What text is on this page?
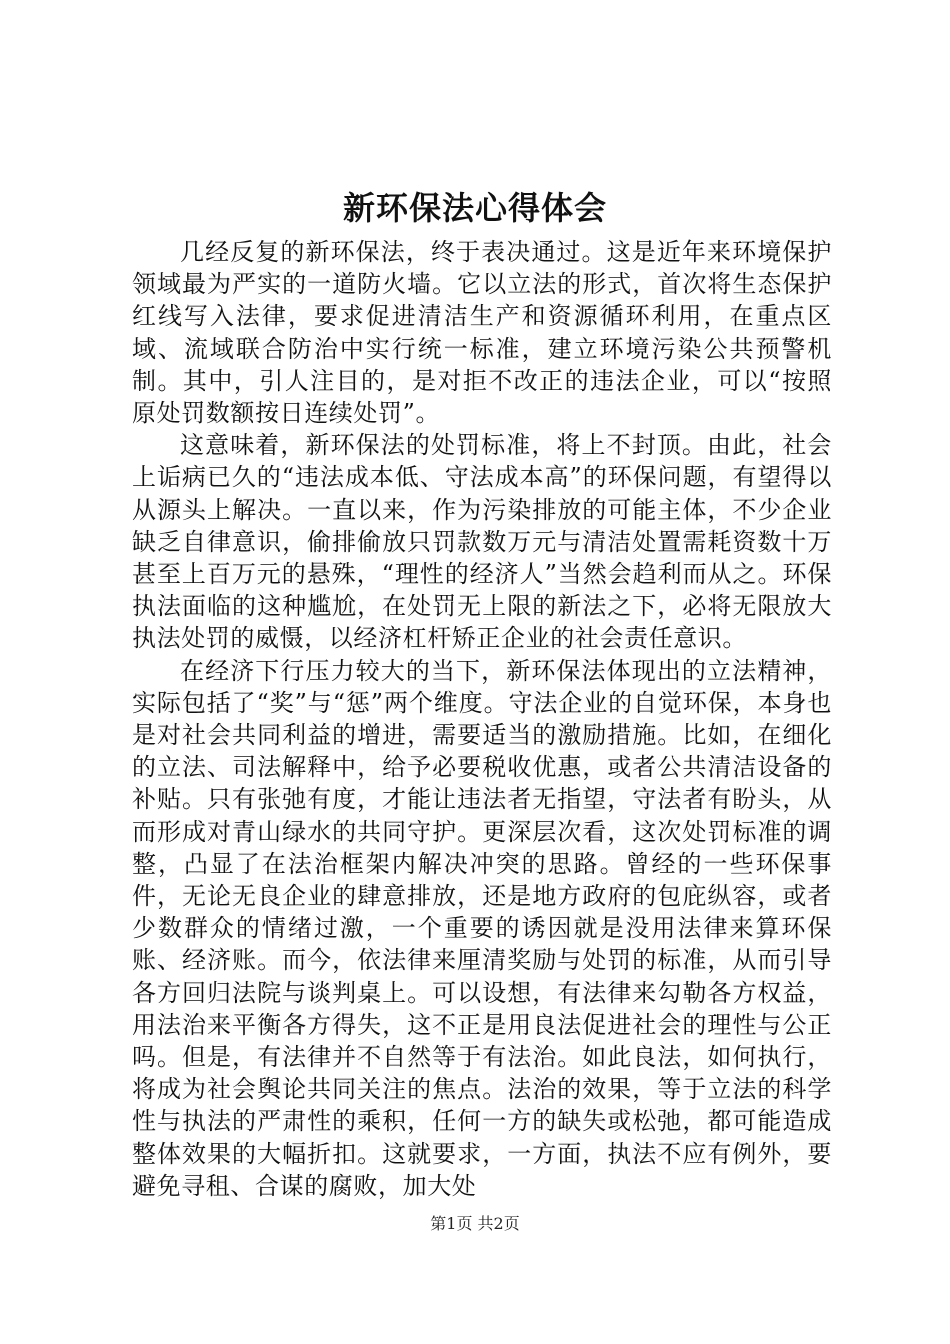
新环保法心得体会

几经反复的新环保法，终于表决通过。这是近年来环境保护领域最为严实的一道防火墙。它以立法的形式，首次将生态保护红线写入法律，要求促进清洁生产和资源循环利用，在重点区域、流域联合防治中实行统一标准，建立环境污染公共预警机制。其中，引人注目的，是对拒不改正的违法企业，可以“按照原处罚数额按日连续处罚”。

这意味着，新环保法的处罚标准，将上不封顶。由此，社会上诟病已久的“违法成本低、守法成本高”的环保问题，有望得以从源头上解决。一直以来，作为污染排放的可能主体，不少企业缺乏自律意识，偷排偷放只罚款数万元与清洁处置需耗资数十万甚至上百万元的悬殊，“理性的经济人”当然会趋利而从之。环保执法面临的这种尴尬，在处罚无上限的新法之下，必将无限放大执法处罚的威慑，以经济杠杆矫正企业的社会责任意识。

在经济下行压力较大的当下，新环保法体现出的立法精神，实际包括了“奖”与“惩”两个维度。守法企业的自觉环保，本身也是对社会共同利益的增进，需要适当的激励措施。比如，在细化的立法、司法解释中，给予必要税收优惠，或者公共清洁设备的补贴。只有张弛有度，才能让违法者无指望，守法者有盼头，从而形成对青山绿水的共同守护。更深层次看，这次处罚标准的调整，凸显了在法治框架内解决冲突的思路。曾经的一些环保事件，无论无良企业的肆意排放，还是地方政府的包庇纵容，或者少数群众的情绪过激，一个重要的诱因就是没用法律来算环保账、经济账。而今，依法律来厘清奖励与处罚的标准，从而引导各方回归法院与谈判桌上。可以设想，有法律来勾勒各方权益，用法治来平衡各方得失，这不正是用良法促进社会的理性与公正吗。但是，有法律并不自然等于有法治。如此良法，如何执行，将成为社会舆论共同关注的焦点。法治的效果，等于立法的科学性与执法的严肃性的乘积，任何一方的缺失或松弛，都可能造成整体效果的大幅折扣。这就要求，一方面，执法不应有例外，要避免寻租、合谋的腐败，加大处

第1页 共2页
